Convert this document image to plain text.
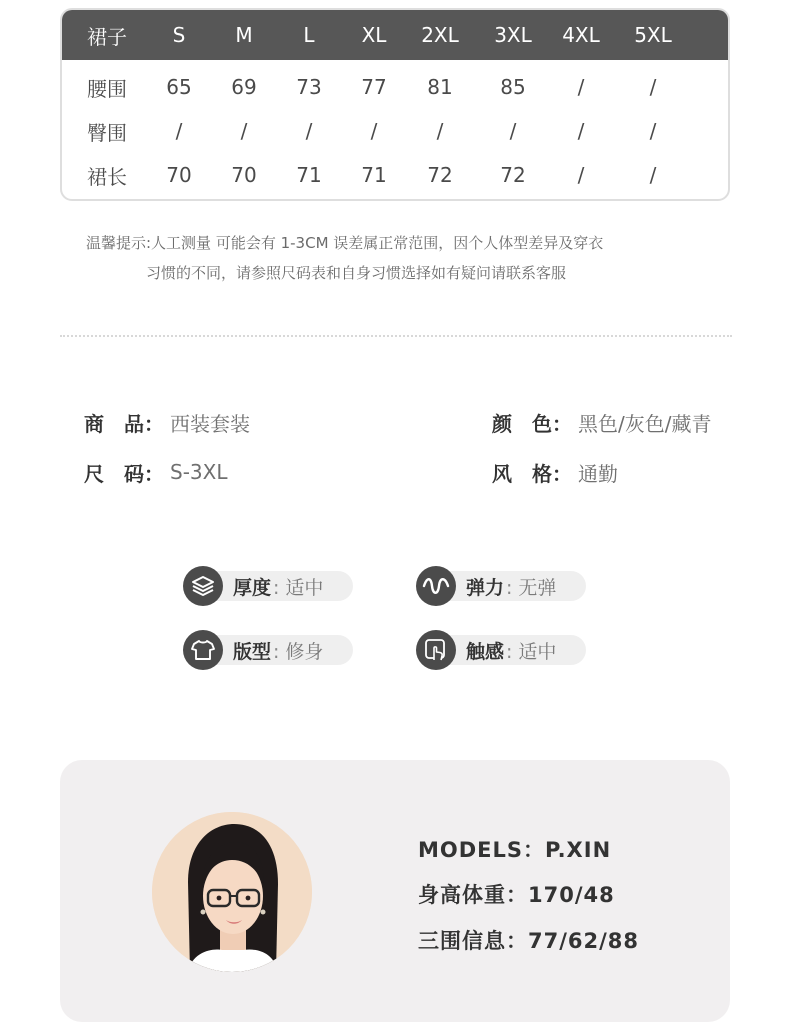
裙子	S	M	L	XL	2XL	3XL	4XL	5XL
腰围	65	69	73	77	81	85	/	/
臀围	/	/	/	/	/	/	/	/
裙长	70	70	71	71	72	72	/	/
温馨提示:人工测量 可能会有 1-3CM 误差属正常范围，因个人体型差异及穿衣
习惯的不同，请参照尺码表和自身习惯选择如有疑问请联系客服
商　品 ： 西装套装	颜　色 ： 黑色/灰色/藏青
尺　码 ： S-3XL	风　格 ： 通勤
厚度 : 适中	弹力 : 无弹
版型 : 修身	触感 : 适中
MODELS：P.XIN
身高体重：170/48
三围信息：77/62/88
